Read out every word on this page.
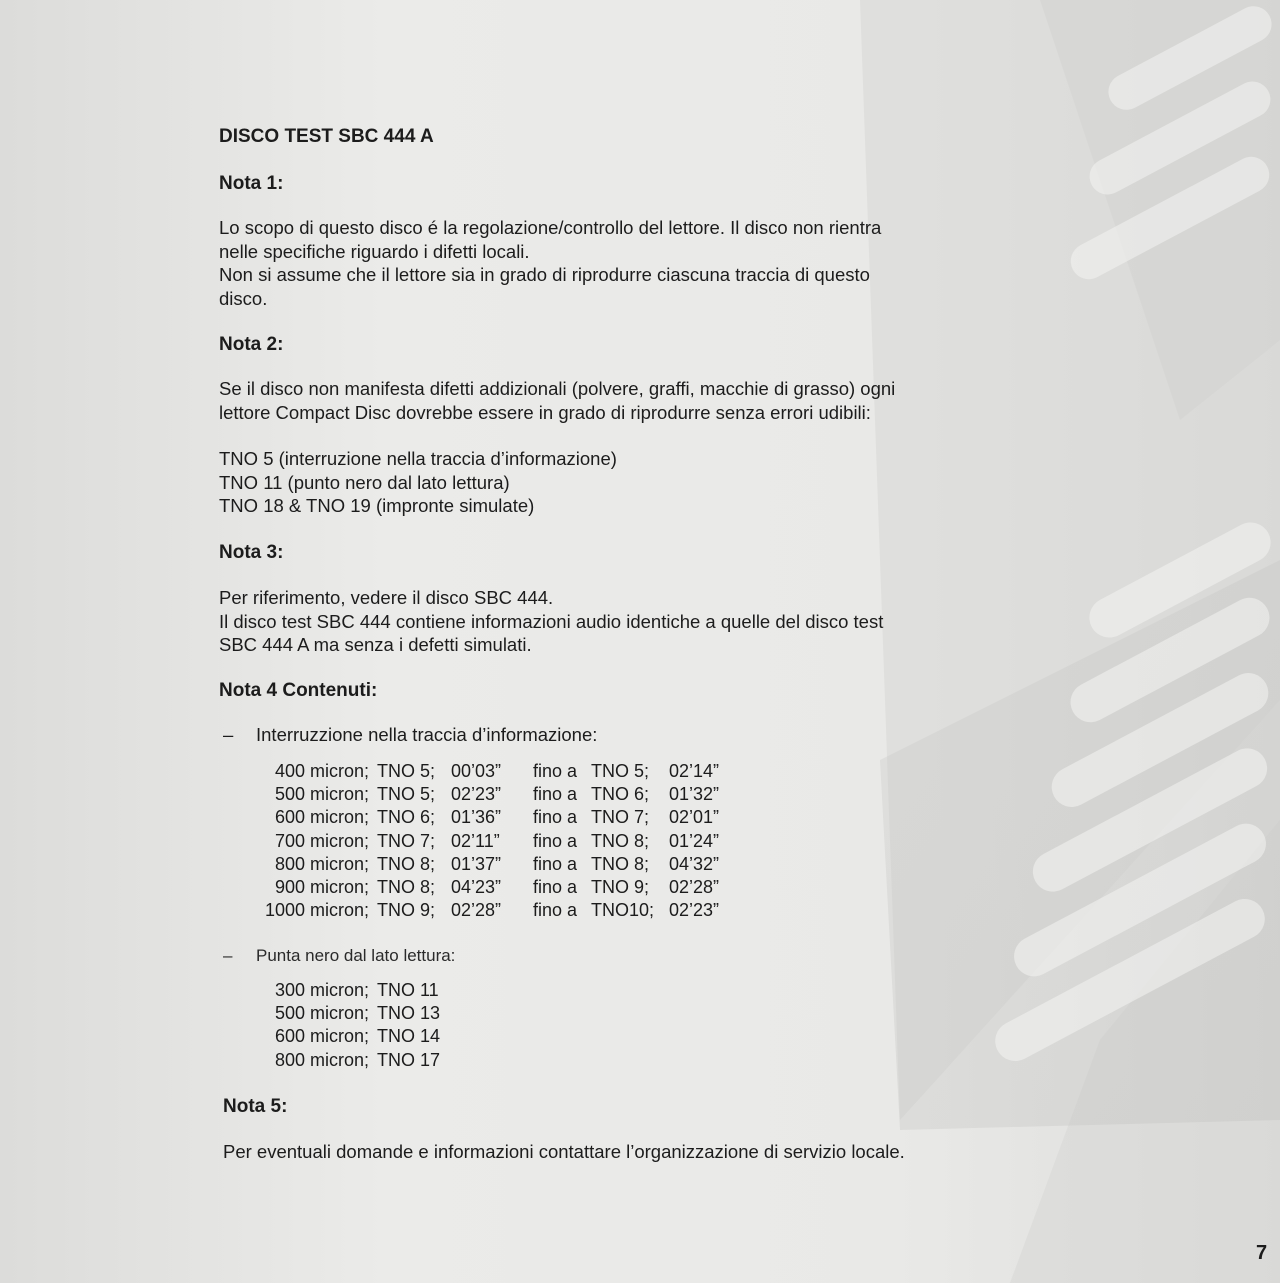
DISCO TEST SBC 444 A
Nota 1:
Lo scopo di questo disco é la regolazione/controllo del lettore. Il disco non rientra
nelle specifiche riguardo i difetti locali.
Non si assume che il lettore sia in grado di riprodurre ciascuna traccia di questo
disco.
Nota 2:
Se il disco non manifesta difetti addizionali (polvere, graffi, macchie di grasso) ogni
lettore Compact Disc dovrebbe essere in grado di riprodurre senza errori udibili:
TNO 5 (interruzione nella traccia d’informazione)
TNO 11 (punto nero dal lato lettura)
TNO 18 & TNO 19 (impronte simulate)
Nota 3:
Per riferimento, vedere il disco SBC 444.
Il disco test SBC 444 contiene informazioni audio identiche a quelle del disco test
SBC 444 A ma senza i defetti simulati.
Nota 4 Contenuti:
– Interruzzione nella traccia d’informazione:
400 micron; TNO 5; 00’03” fino a TNO 5; 02’14”
500 micron; TNO 5; 02’23” fino a TNO 6; 01’32”
600 micron; TNO 6; 01’36” fino a TNO 7; 02’01”
700 micron; TNO 7; 02’11” fino a TNO 8; 01’24”
800 micron; TNO 8; 01’37” fino a TNO 8; 04’32”
900 micron; TNO 8; 04’23” fino a TNO 9; 02’28”
1000 micron; TNO 9; 02’28” fino a TNO10; 02’23”
– Punta nero dal lato lettura:
300 micron; TNO 11
500 micron; TNO 13
600 micron; TNO 14
800 micron; TNO 17
Nota 5:
Per eventuali domande e informazioni contattare l’organizzazione di servizio locale.
7
